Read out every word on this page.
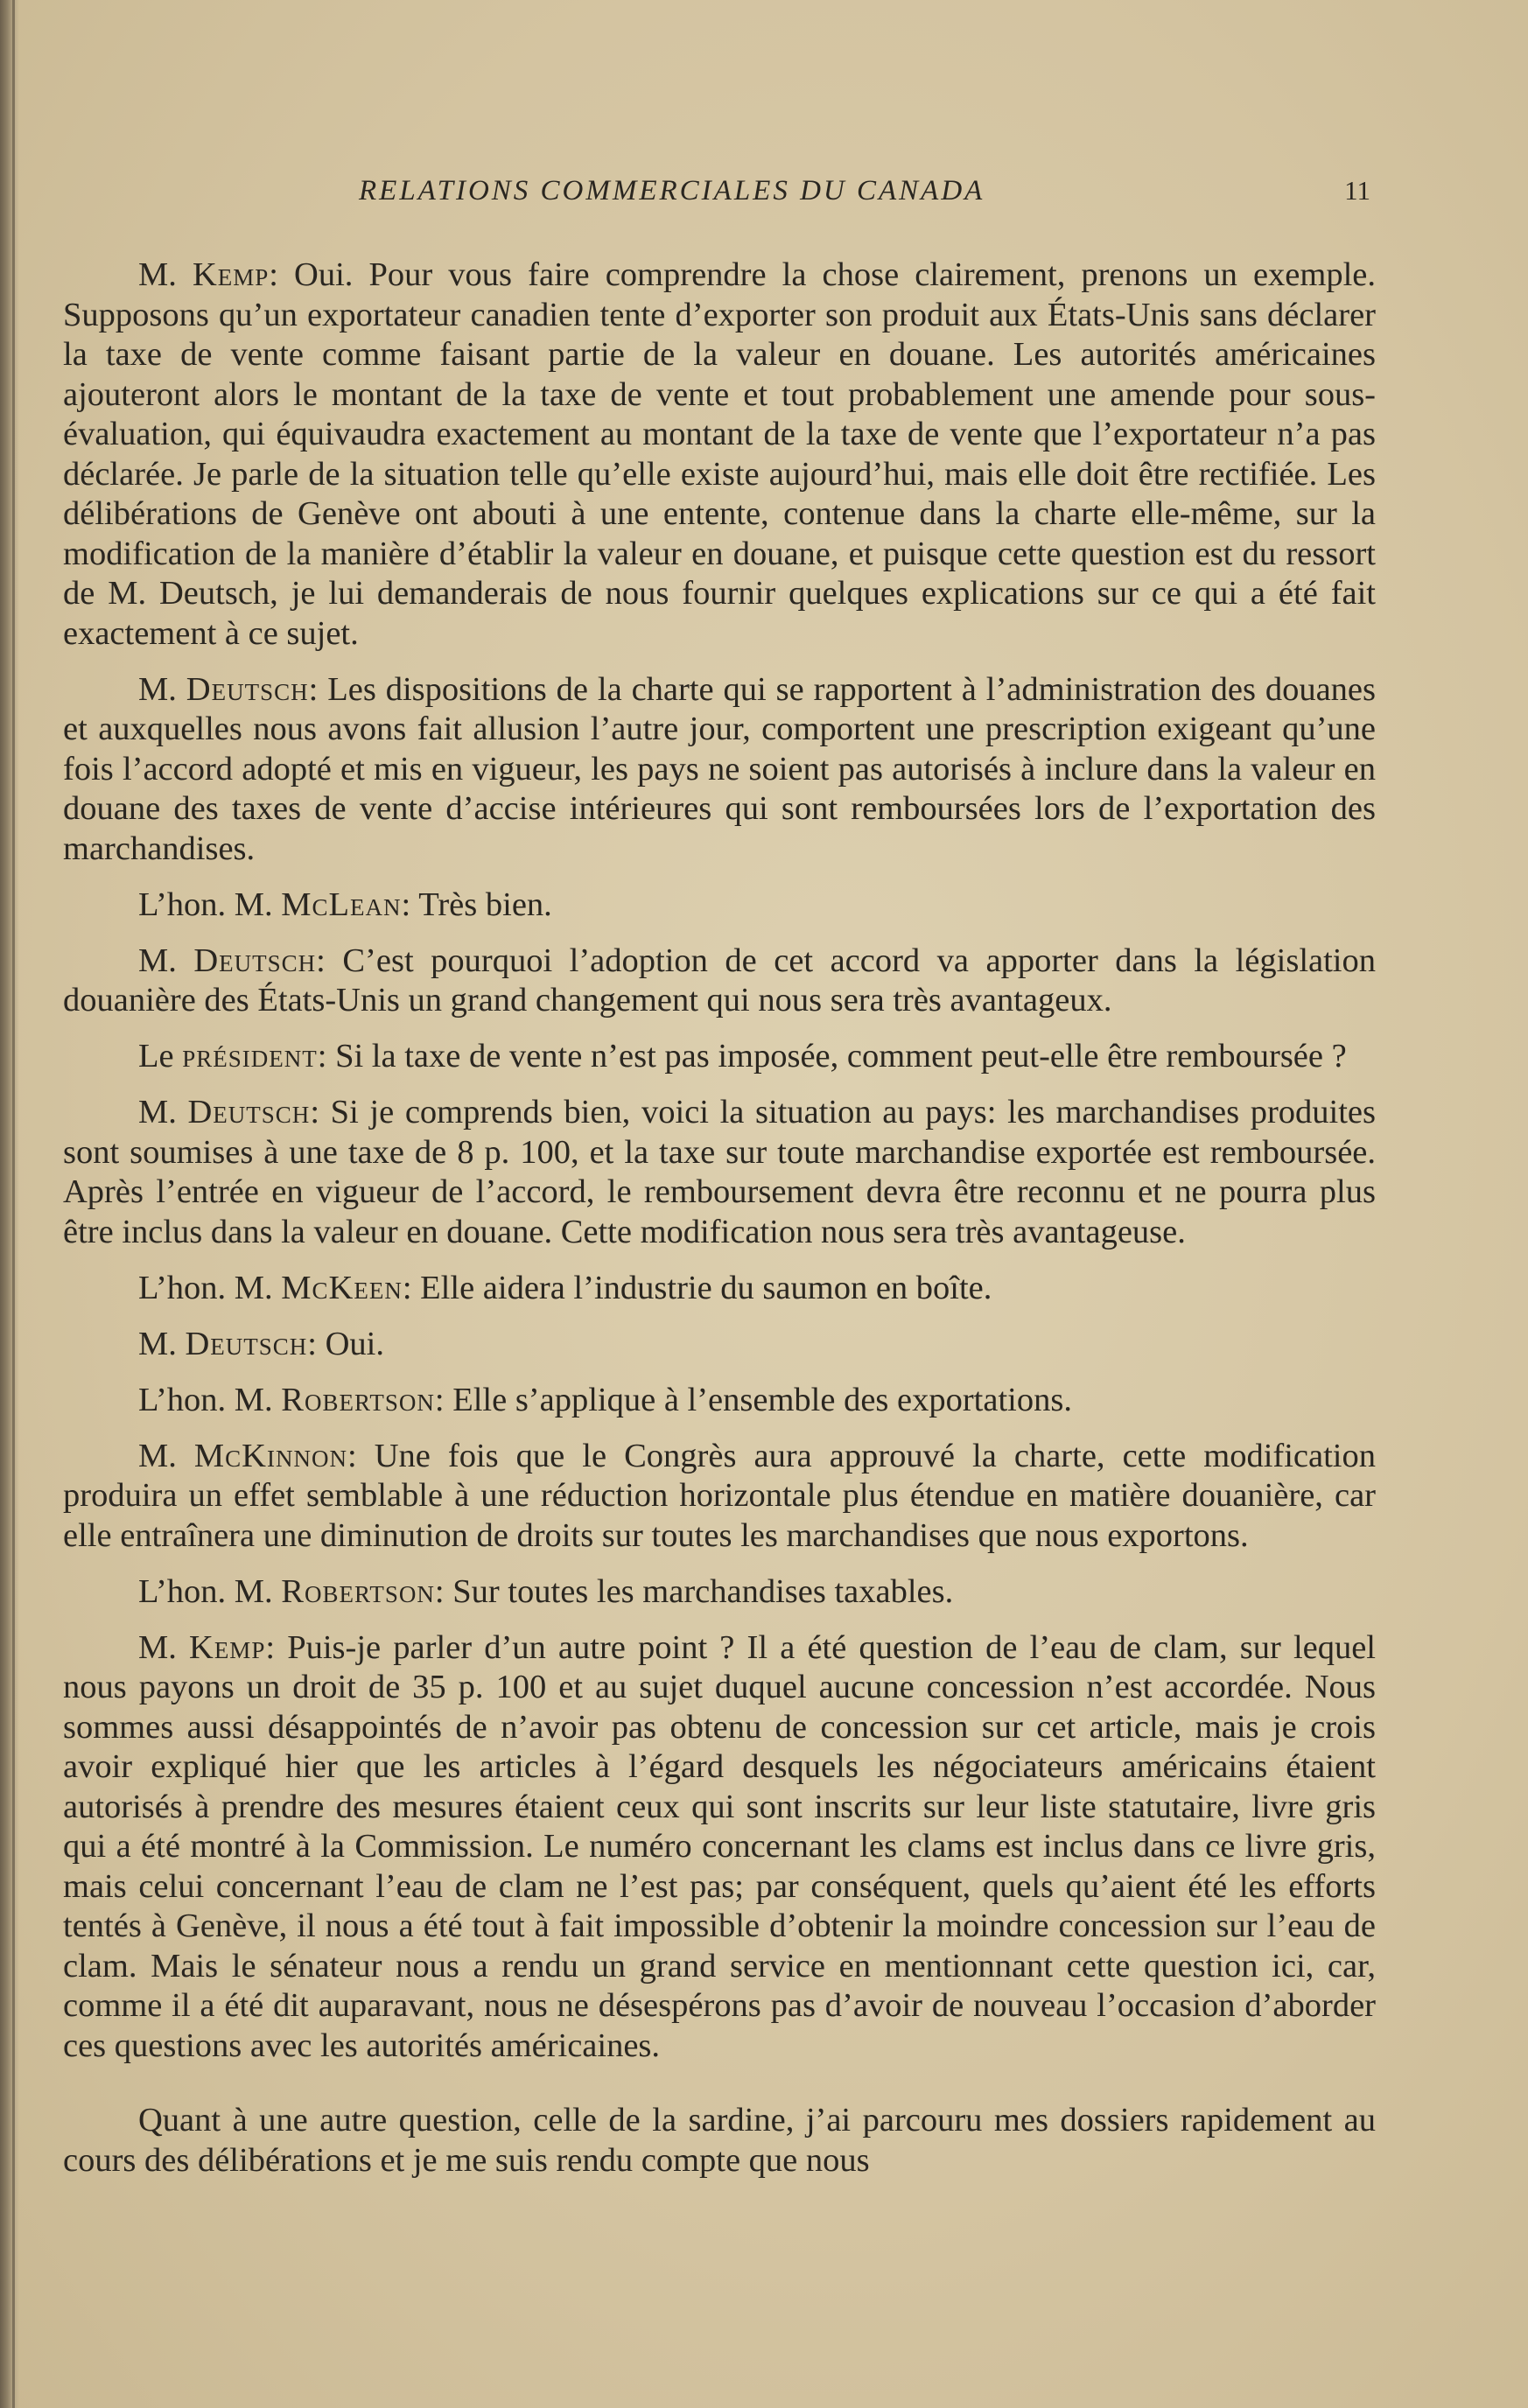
RELATIONS COMMERCIALES DU CANADA	11

M. Kemp: Oui. Pour vous faire comprendre la chose clairement, prenons un exemple. Supposons qu’un exportateur canadien tente d’exporter son produit aux États-Unis sans déclarer la taxe de vente comme faisant partie de la valeur en douane. Les autorités américaines ajouteront alors le montant de la taxe de vente et tout probablement une amende pour sous-évaluation, qui équivaudra exactement au montant de la taxe de vente que l’exportateur n’a pas déclarée. Je parle de la situation telle qu’elle existe aujourd’hui, mais elle doit être rectifiée. Les délibérations de Genève ont abouti à une entente, contenue dans la charte elle-même, sur la modification de la manière d’établir la valeur en douane, et puisque cette question est du ressort de M. Deutsch, je lui demanderais de nous fournir quelques explications sur ce qui a été fait exactement à ce sujet.

M. Deutsch: Les dispositions de la charte qui se rapportent à l’administration des douanes et auxquelles nous avons fait allusion l’autre jour, comportent une prescription exigeant qu’une fois l’accord adopté et mis en vigueur, les pays ne soient pas autorisés à inclure dans la valeur en douane des taxes de vente d’accise intérieures qui sont remboursées lors de l’exportation des marchandises.

L’hon. M. McLean: Très bien.

M. Deutsch: C’est pourquoi l’adoption de cet accord va apporter dans la législation douanière des États-Unis un grand changement qui nous sera très avantageux.

Le président: Si la taxe de vente n’est pas imposée, comment peut-elle être remboursée ?

M. Deutsch: Si je comprends bien, voici la situation au pays: les marchandises produites sont soumises à une taxe de 8 p. 100, et la taxe sur toute marchandise exportée est remboursée. Après l’entrée en vigueur de l’accord, le remboursement devra être reconnu et ne pourra plus être inclus dans la valeur en douane. Cette modification nous sera très avantageuse.

L’hon. M. McKeen: Elle aidera l’industrie du saumon en boîte.

M. Deutsch: Oui.

L’hon. M. Robertson: Elle s’applique à l’ensemble des exportations.

M. McKinnon: Une fois que le Congrès aura approuvé la charte, cette modification produira un effet semblable à une réduction horizontale plus étendue en matière douanière, car elle entraînera une diminution de droits sur toutes les marchandises que nous exportons.

L’hon. M. Robertson: Sur toutes les marchandises taxables.

M. Kemp: Puis-je parler d’un autre point ? Il a été question de l’eau de clam, sur lequel nous payons un droit de 35 p. 100 et au sujet duquel aucune concession n’est accordée. Nous sommes aussi désappointés de n’avoir pas obtenu de concession sur cet article, mais je crois avoir expliqué hier que les articles à l’égard desquels les négociateurs américains étaient autorisés à prendre des mesures étaient ceux qui sont inscrits sur leur liste statutaire, livre gris qui a été montré à la Commission. Le numéro concernant les clams est inclus dans ce livre gris, mais celui concernant l’eau de clam ne l’est pas; par conséquent, quels qu’aient été les efforts tentés à Genève, il nous a été tout à fait impossible d’obtenir la moindre concession sur l’eau de clam. Mais le sénateur nous a rendu un grand service en mentionnant cette question ici, car, comme il a été dit auparavant, nous ne désespérons pas d’avoir de nouveau l’occasion d’aborder ces questions avec les autorités américaines.

Quant à une autre question, celle de la sardine, j’ai parcouru mes dossiers rapidement au cours des délibérations et je me suis rendu compte que nous
